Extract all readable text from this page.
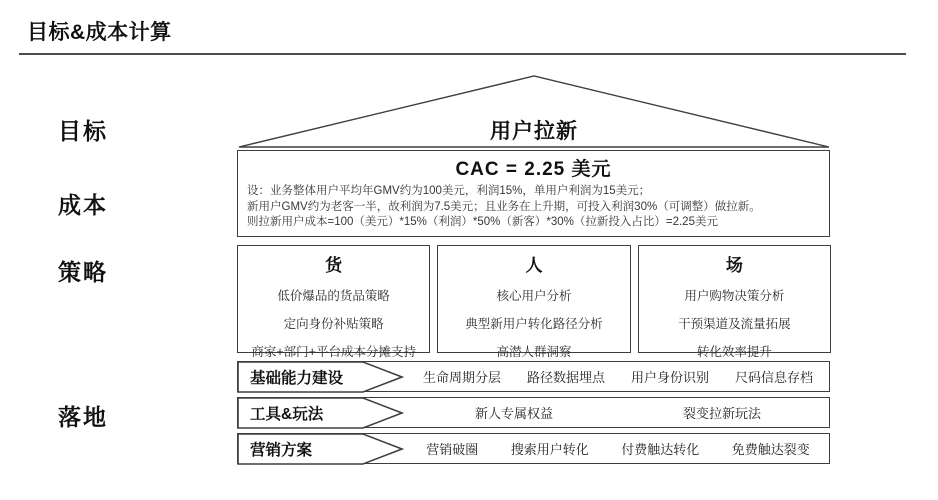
目标&成本计算
目标
成本
策略
落地
用户拉新
CAC = 2.25 美元
设：业务整体用户平均年GMV约为100美元，利润15%，单用户利润为15美元；
新用户GMV约为老客一半，故利润为7.5美元；且业务在上升期，可投入利润30%（可调整）做拉新。
则拉新用户成本=100（美元）*15%（利润）*50%（新客）*30%（拉新投入占比）=2.25美元
货
低价爆品的货品策略
定向身份补贴策略
商家+部门+平台成本分摊支持
人
核心用户分析
典型新用户转化路径分析
高潜人群洞察
场
用户购物决策分析
干预渠道及流量拓展
转化效率提升
基础能力建设	生命周期分层 路径数据埋点 用户身份识别 尺码信息存档
工具&玩法	新人专属权益	裂变拉新玩法
营销方案	营销破圈 搜索用户转化 付费触达转化 免费触达裂变
